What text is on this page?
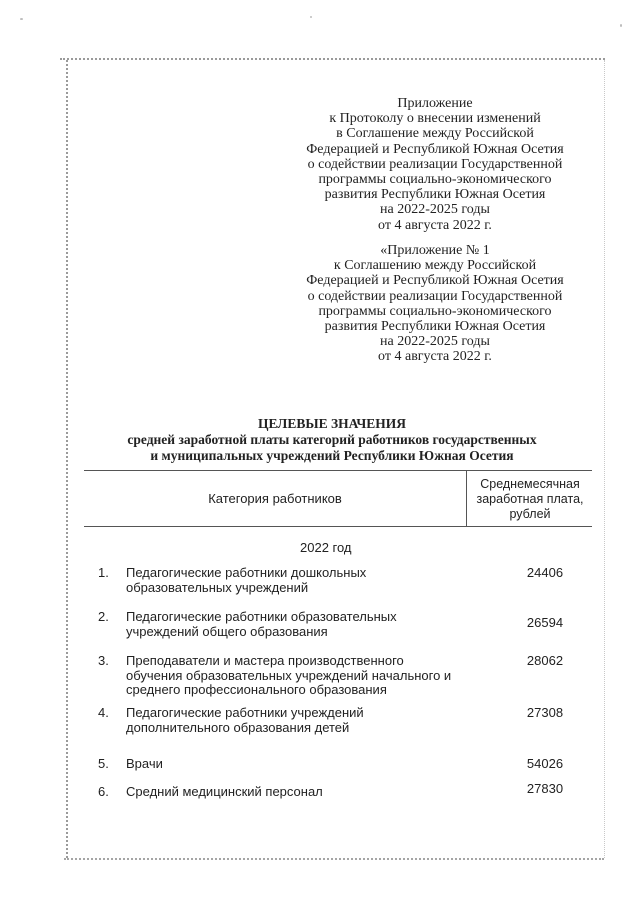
Приложение
к Протоколу о внесении изменений
в Соглашение между Российской
Федерацией и Республикой Южная Осетия
о содействии реализации Государственной
программы социально-экономического
развития Республики Южная Осетия
на 2022-2025 годы
от 4 августа 2022 г.
«Приложение № 1
к Соглашению между Российской
Федерацией и Республикой Южная Осетия
о содействии реализации Государственной
программы социально-экономического
развития Республики Южная Осетия
на 2022-2025 годы
от 4 августа 2022 г.
ЦЕЛЕВЫЕ ЗНАЧЕНИЯ
средней заработной платы категорий работников государственных
и муниципальных учреждений Республики Южная Осетия
Категория работников
Среднемесячная
заработная плата,
рублей
2022 год
1. Педагогические работники дошкольных
образовательных учреждений
24406
2. Педагогические работники образовательных
учреждений общего образования
26594
3. Преподаватели и мастера производственного
обучения образовательных учреждений начального и
среднего профессионального образования
28062
4. Педагогические работники учреждений
дополнительного образования детей
27308
5. Врачи	54026
6. Средний медицинский персонал	27830
